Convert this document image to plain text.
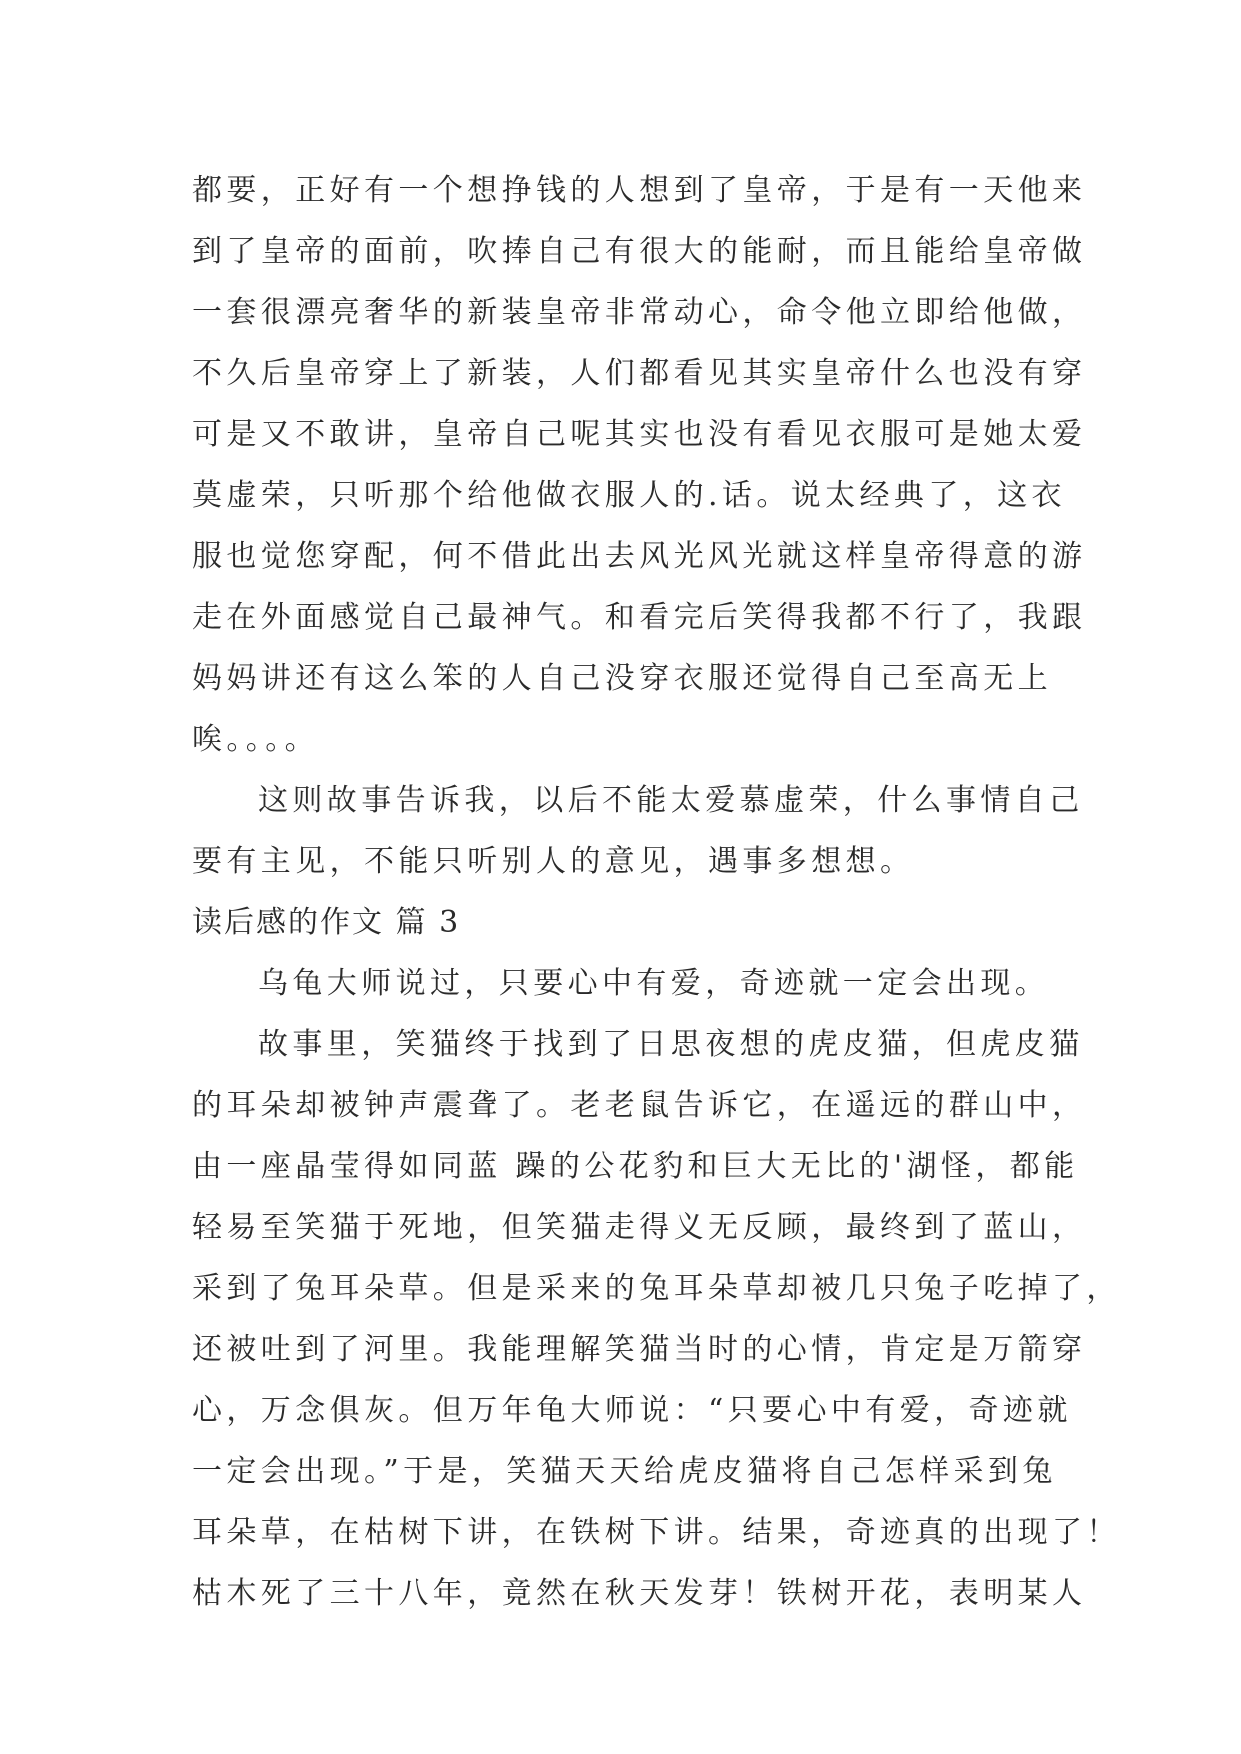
都要，正好有一个想挣钱的人想到了皇帝，于是有一天他来
到了皇帝的面前，吹捧自己有很大的能耐，而且能给皇帝做
一套很漂亮奢华的新装皇帝非常动心，命令他立即给他做，
不久后皇帝穿上了新装，人们都看见其实皇帝什么也没有穿
可是又不敢讲，皇帝自己呢其实也没有看见衣服可是她太爱
莫虚荣，只听那个给他做衣服人的.话。说太经典了，这衣
服也觉您穿配，何不借此出去风光风光就这样皇帝得意的游
走在外面感觉自己最神气。和看完后笑得我都不行了，我跟
妈妈讲还有这么笨的人自己没穿衣服还觉得自己至高无上
唉。。。。
这则故事告诉我，以后不能太爱慕虚荣，什么事情自己
要有主见，不能只听别人的意见，遇事多想想。
读后感的作文 篇 3
乌龟大师说过，只要心中有爱，奇迹就一定会出现。
故事里，笑猫终于找到了日思夜想的虎皮猫，但虎皮猫
的耳朵却被钟声震聋了。老老鼠告诉它，在遥远的群山中，
由一座晶莹得如同蓝 躁的公花豹和巨大无比的'湖怪，都能
轻易至笑猫于死地，但笑猫走得义无反顾，最终到了蓝山，
采到了兔耳朵草。但是采来的兔耳朵草却被几只兔子吃掉了，
还被吐到了河里。我能理解笑猫当时的心情，肯定是万箭穿
心，万念俱灰。但万年龟大师说：“只要心中有爱，奇迹就
一定会出现。”于是，笑猫天天给虎皮猫将自己怎样采到兔
耳朵草，在枯树下讲，在铁树下讲。结果，奇迹真的出现了！
枯木死了三十八年，竟然在秋天发芽！铁树开花，表明某人
